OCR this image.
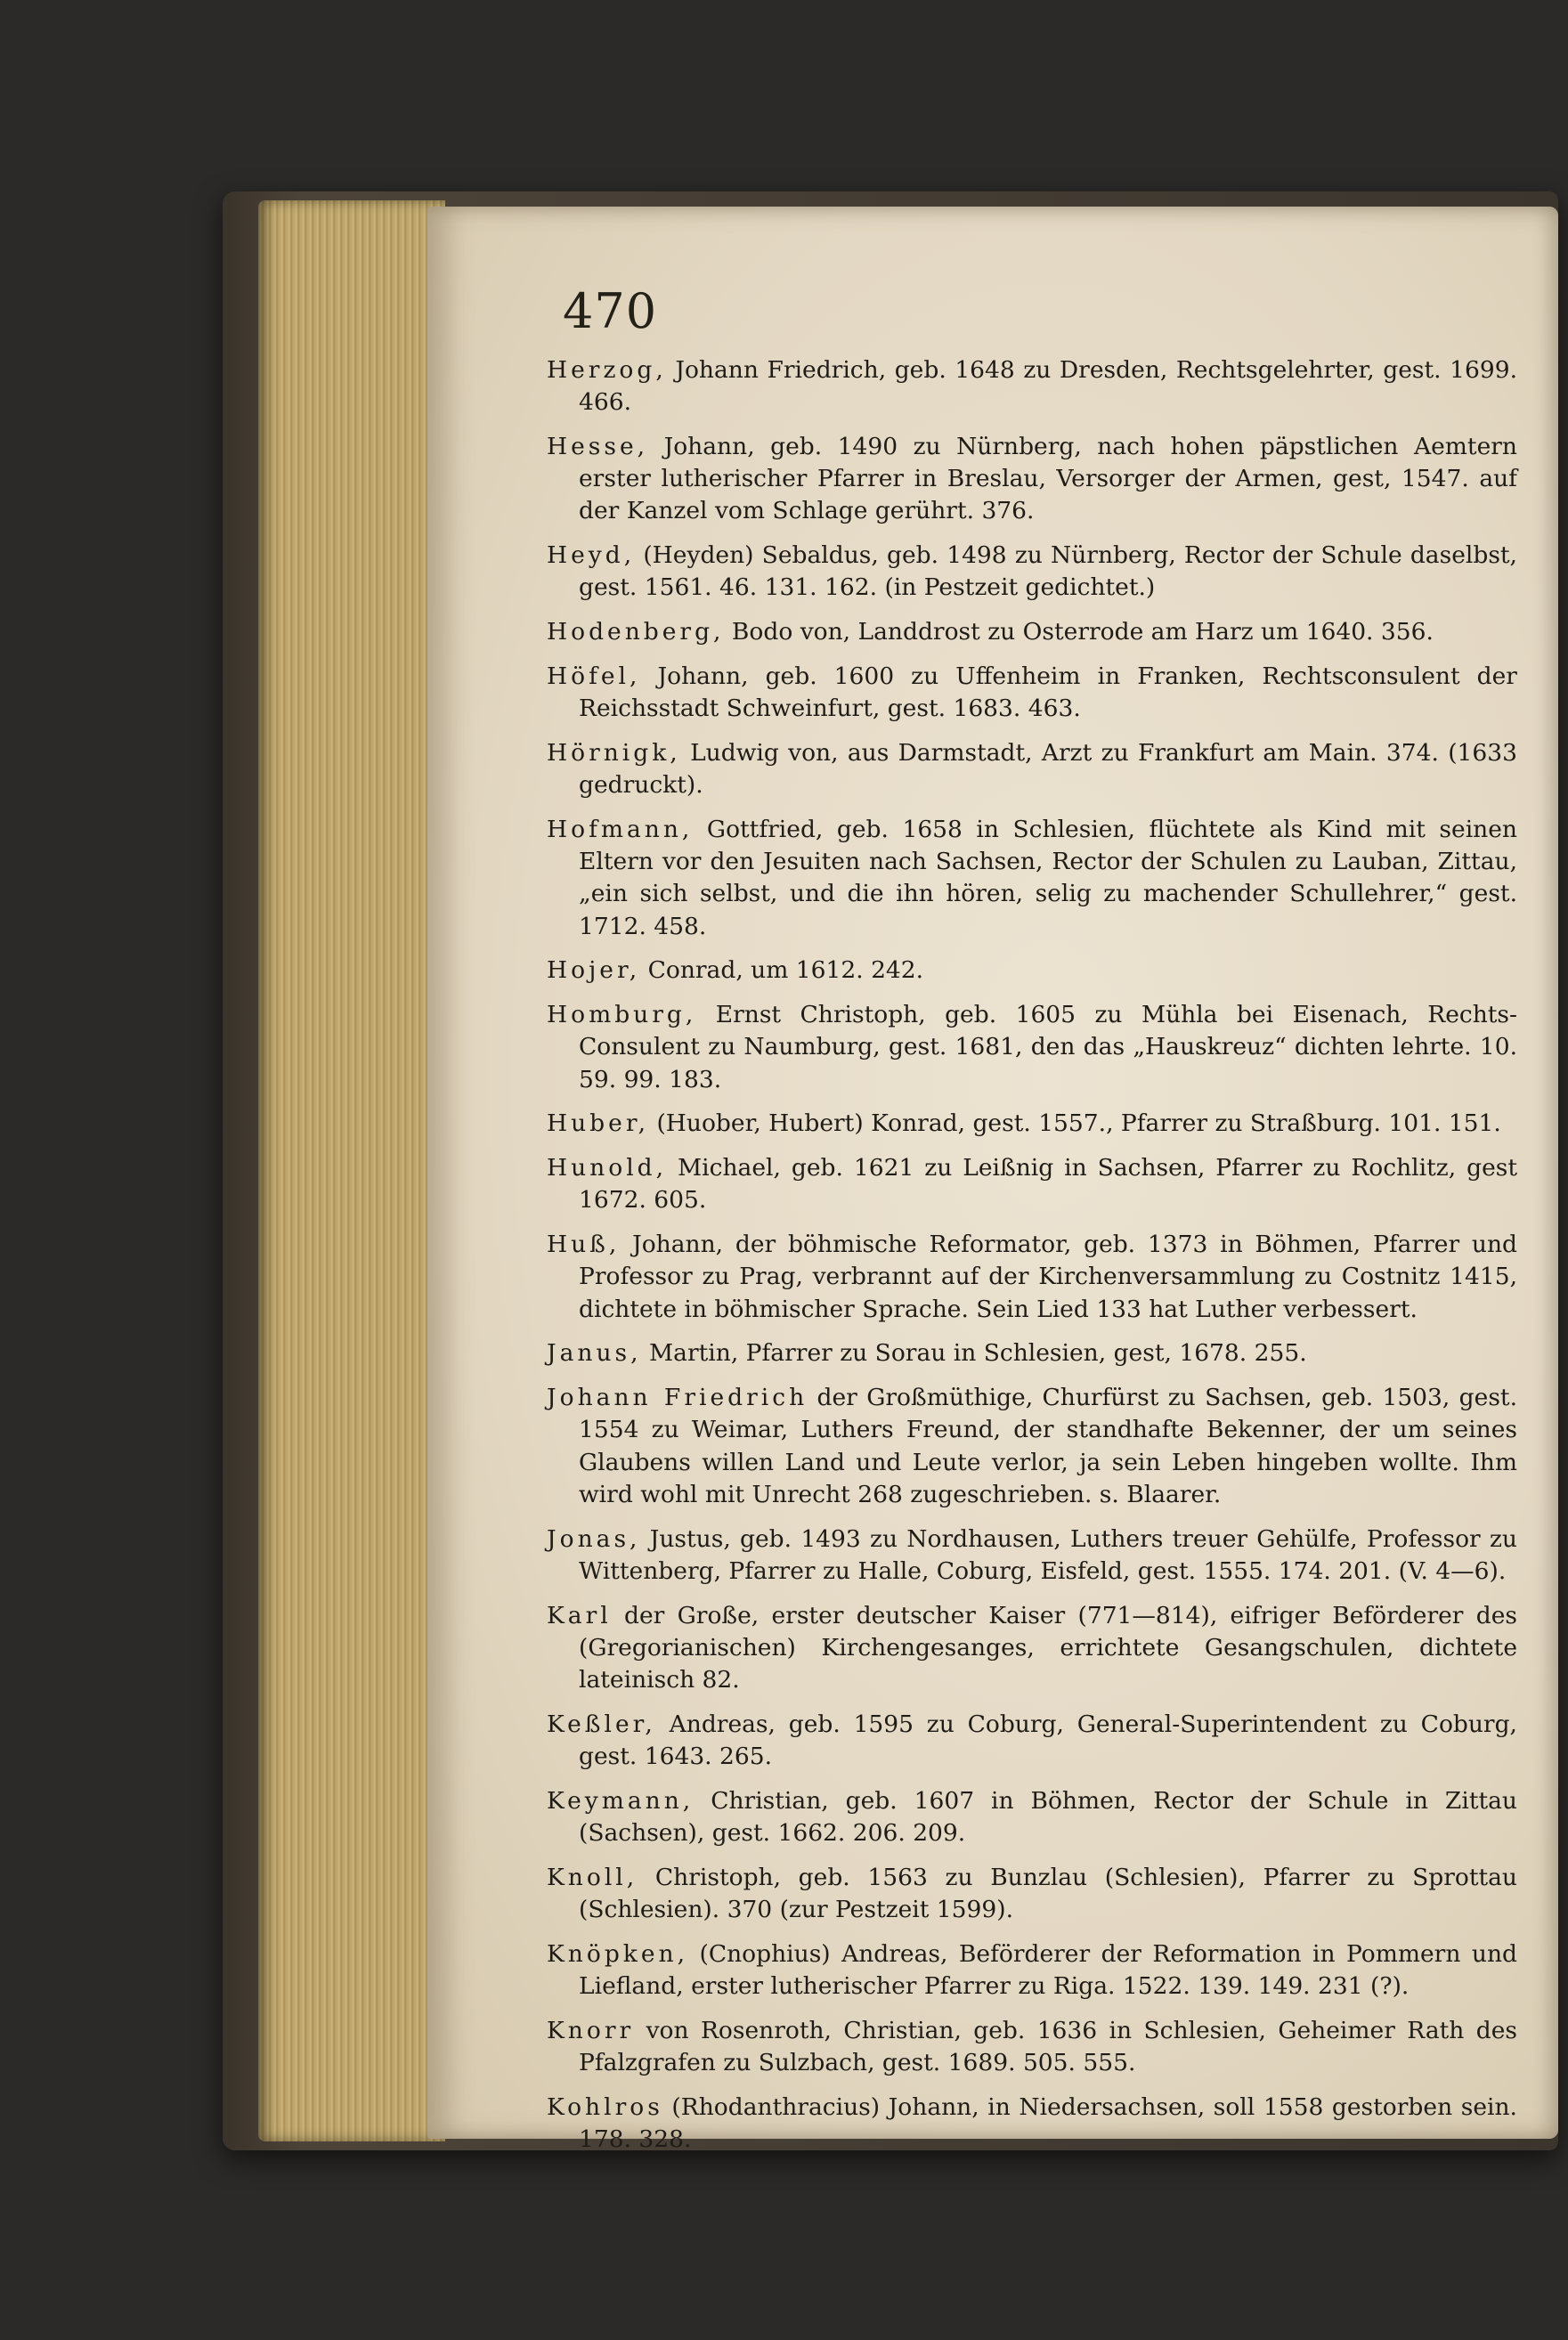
470

Herzog, Johann Friedrich, geb. 1648 zu Dresden, Rechtsgelehrter, gest. 1699. 466.

Hesse, Johann, geb. 1490 zu Nürnberg, nach hohen päpstlichen Aemtern erster lutherischer Pfarrer in Breslau, Versorger der Armen, gest, 1547. auf der Kanzel vom Schlage gerührt. 376.

Heyd, (Heyden) Sebaldus, geb. 1498 zu Nürnberg, Rector der Schule daselbst, gest. 1561. 46. 131. 162. (in Pestzeit gedichtet.)

Hodenberg, Bodo von, Landdrost zu Osterrode am Harz um 1640. 356.

Höfel, Johann, geb. 1600 zu Uffenheim in Franken, Rechtsconsulent der Reichsstadt Schweinfurt, gest. 1683. 463.

Hörnigk, Ludwig von, aus Darmstadt, Arzt zu Frankfurt am Main. 374. (1633 gedruckt).

Hofmann, Gottfried, geb. 1658 in Schlesien, flüchtete als Kind mit seinen Eltern vor den Jesuiten nach Sachsen, Rector der Schulen zu Lauban, Zittau, „ein sich selbst, und die ihn hören, selig zu machender Schullehrer,“ gest. 1712. 458.

Hojer, Conrad, um 1612. 242.

Homburg, Ernst Christoph, geb. 1605 zu Mühla bei Eisenach, Rechts-Consulent zu Naumburg, gest. 1681, den das „Hauskreuz“ dichten lehrte. 10. 59. 99. 183.

Huber, (Huober, Hubert) Konrad, gest. 1557., Pfarrer zu Straßburg. 101. 151.

Hunold, Michael, geb. 1621 zu Leißnig in Sachsen, Pfarrer zu Rochlitz, gest 1672. 605.

Huß, Johann, der böhmische Reformator, geb. 1373 in Böhmen, Pfarrer und Professor zu Prag, verbrannt auf der Kirchenversammlung zu Costnitz 1415, dichtete in böhmischer Sprache. Sein Lied 133 hat Luther verbessert.

Janus, Martin, Pfarrer zu Sorau in Schlesien, gest, 1678. 255.

Johann Friedrich der Großmüthige, Churfürst zu Sachsen, geb. 1503, gest. 1554 zu Weimar, Luthers Freund, der standhafte Bekenner, der um seines Glaubens willen Land und Leute verlor, ja sein Leben hingeben wollte. Ihm wird wohl mit Unrecht 268 zugeschrieben. s. Blaarer.

Jonas, Justus, geb. 1493 zu Nordhausen, Luthers treuer Gehülfe, Professor zu Wittenberg, Pfarrer zu Halle, Coburg, Eisfeld, gest. 1555. 174. 201. (V. 4—6).

Karl der Große, erster deutscher Kaiser (771—814), eifriger Beförderer des (Gregorianischen) Kirchengesanges, errichtete Gesangschulen, dichtete lateinisch 82.

Keßler, Andreas, geb. 1595 zu Coburg, General-Superintendent zu Coburg, gest. 1643. 265.

Keymann, Christian, geb. 1607 in Böhmen, Rector der Schule in Zittau (Sachsen), gest. 1662. 206. 209.

Knoll, Christoph, geb. 1563 zu Bunzlau (Schlesien), Pfarrer zu Sprottau (Schlesien). 370 (zur Pestzeit 1599).

Knöpken, (Cnophius) Andreas, Beförderer der Reformation in Pommern und Liefland, erster lutherischer Pfarrer zu Riga. 1522. 139. 149. 231 (?).

Knorr von Rosenroth, Christian, geb. 1636 in Schlesien, Geheimer Rath des Pfalzgrafen zu Sulzbach, gest. 1689. 505. 555.

Kohlros (Rhodanthracius) Johann, in Niedersachsen, soll 1558 gestorben sein. 178. 328.
